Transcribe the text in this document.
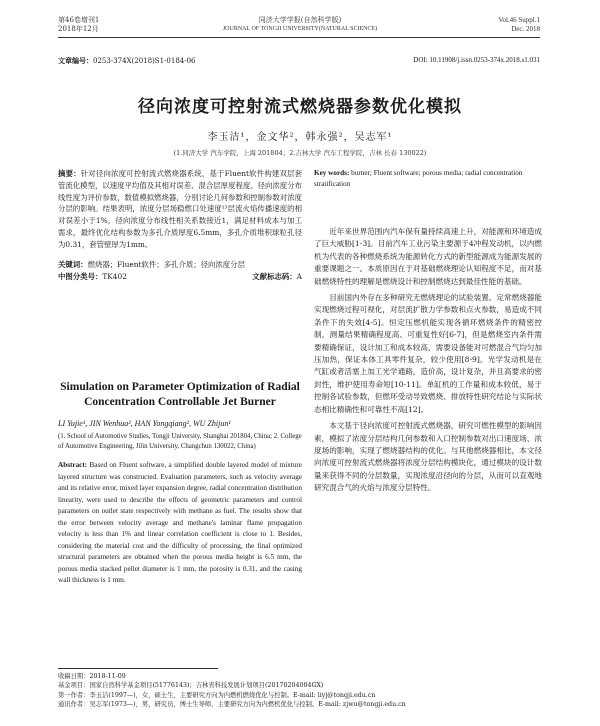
第46卷增刊1
2018年12月
同济大学学报(自然科学版)
JOURNAL OF TONGJI UNIVERSITY(NATURAL SCIENCE)
Vol.46 Suppl.1
Dec. 2018
文章编号：0253-374X(2018)S1-0184-06	DOI: 10.11908/j.issn.0253-374x.2018.s1.031
径向浓度可控射流式燃烧器参数优化模拟
李玉洁¹，金文华²，韩永强²，吴志军¹
(1.同济大学 汽车学院，上海 201804；2.吉林大学 汽车工程学院，吉林 长春 130022)

摘要：针对径向浓度可控射流式燃烧器系统，基于Fluent软件构建双层套管流化模型，以速度平均值及其相对误差、混合层厚度程度、径向浓度分布线性度为评价参数，数值模拟燃烧器，分别讨论几何参数和控制参数对浓度分层的影响。结果表明，浓度分层场稳燃口处速度¹³层流火焰传播速度的相对误差小于1%，径向浓度分布线性相关系数接近1，满足材料成本与加工需求，最终优化结构参数为多孔介质厚度6.5mm，多孔介质堆积球粒孔径为0.31，套管壁厚为1mm。

关键词：燃烧器；Fluent软件；多孔介质；径向浓度分层

中图分类号：TK402	文献标志码：A
Simulation on Parameter Optimization of Radial Concentration Controllable Jet Burner
LI Yujie¹, JIN Wenhua², HAN Yongqiang², WU Zhijun¹
(1. School of Automotive Studies, Tongji University, Shanghai 201804, China; 2. College of Automotive Engineering, Jilin University, Changchun 130022, China)

Abstract: Based on Fluent software, a simplified double layered model of mixture layered structure was constructed. Evaluation parameters, such as velocity average and its relative error, mixed layer expansion degree, radial concentration distribution linearity, were used to describe the effects of geometric parameters and control parameters on outlet state respectively with methane as fuel. The results show that the error between velocity average and methane's laminar flame propagation velocity is less than 1% and linear correlation coefficient is close to 1. Besides, considering the material cost and the difficulty of processing, the final optimized structural parameters are obtained when the porous media height is 6.5 mm, the porous media stacked pellet diameter is 1 mm, the porosity is 0.31, and the casing wall thickness is 1 mm.

Key words: burner; Fluent software; porous media; radial concentration stratification

近年来世界范围内汽车保有量持续高速上升，对能源和环境造成了巨大威胁[1-3]。目前汽车工业污染主要源于4冲程发动机，以内燃机为代表的各种燃烧系统为能源转化方式的新型能源成为能源发展的重要课题之一。本质原因在于对基础燃烧理论认知程度不足，而对基础燃烧特性的理解是燃烧设计和控制燃烧达到最佳性能的基础。

目前国内外存在多种研究无燃烧理论的试验装置。定常燃烧器能实现燃烧过程可视化，对层流扩散力学参数和点火参数，易造成不同条件下的失效[4-5]。恒定压燃机能实现各循环燃烧条件的精密控制，测量结果精确程度高、可重复性好[6-7]，但是燃烧室内条件需要精确保证，设计加工和成本较高，需要设备能对可燃混合气均匀加压加热，保证本体工具零件复杂，较少使用[8-9]。光学发动机是在气缸或者活塞上加工光学通路，造价高，设计复杂，并且高要求的密封性，维护使用寿命短[10-11]。单缸机的工作量和成本较低，易于控制各试验参数，但燃环受动导致燃烧、排放特性研究结论与实际状态相比精确性和可靠性不高[12]。

本文基于径向浓度可控射流式燃烧器，研究可燃性模型的影响因素，模拟了浓度分层结构几何参数和入口控制参数对出口速度场、浓度场的影响，实现了燃烧器结构的优化。与其他燃烧器相比，本文径向浓度可控射流式燃烧器将浓度分层结构模块化，通过模块的设计数量来获得不同的分层数量，实现浓度沿径向的分层，从而可以直观地研究混合气的火焰与浓度分层特性。

收稿日期：2018-11-09
基金项目：国家自然科学基金项目(51776143)；吉林省科技发展计划项目(20170204004GX)
第一作者：李玉洁(1997—)，女，硕士生，主要研究方向为内燃机燃烧优化与控制。E-mail: liyj@tongji.edu.cn
通讯作者：吴志军(1973—)，男，研究员，博士生导师，主要研究方向为内燃机优化与控制。E-mail: zjwu@tongji.edu.cn
